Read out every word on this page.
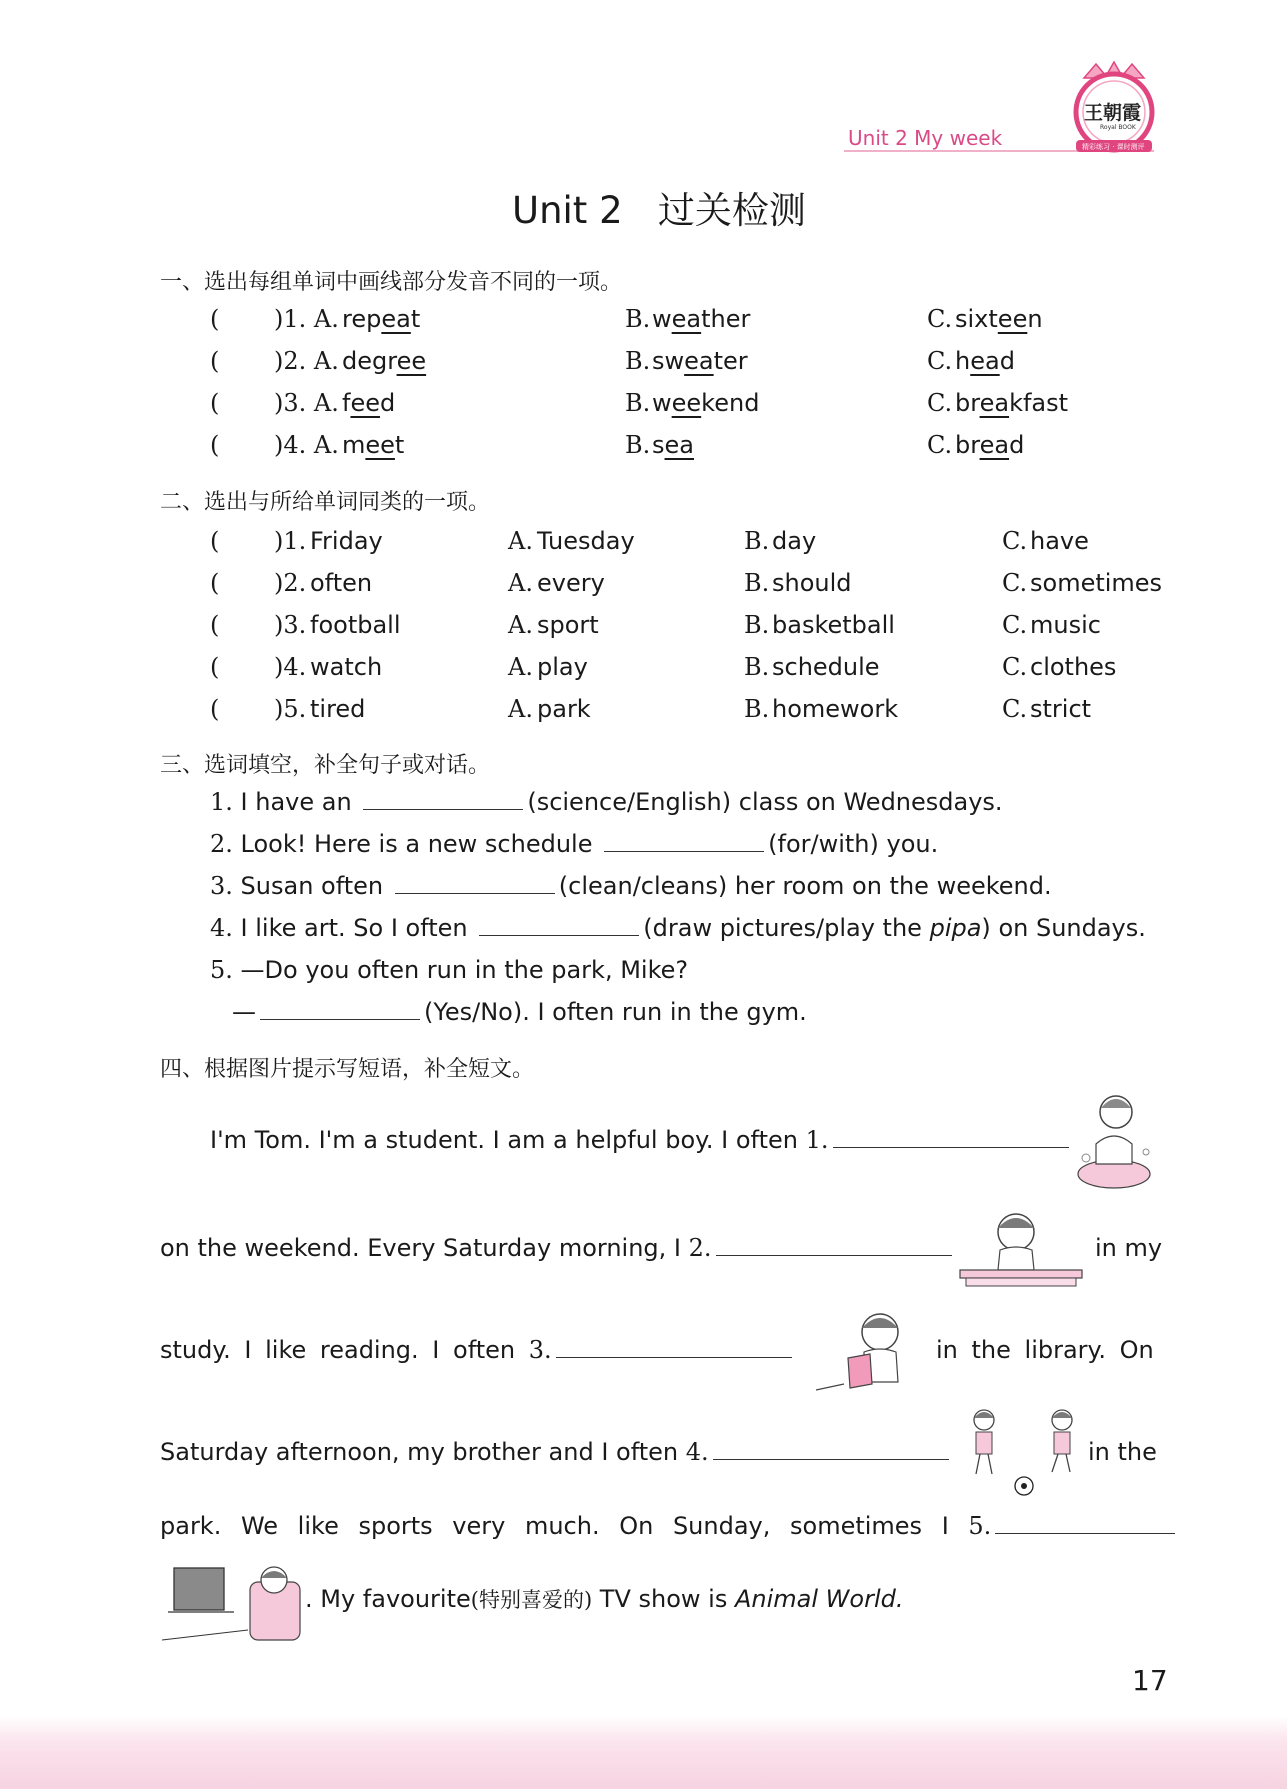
Unit 2 My week
王朝霞
Royal BOOK
精彩练习 · 课时测评
Unit 2   过关检测
一、选出每组单词中画线部分发音不同的一项。
( )1. A. repeat	B. weather	C. sixteen
( )2. A. degree	B. sweater	C. head
( )3. A. feed	B. weekend	C. breakfast
( )4. A. meet	B. sea	C. bread
二、选出与所给单词同类的一项。
( )1. Friday	A. Tuesday	B. day	C. have
( )2. often	A. every	B. should	C. sometimes
( )3. football	A. sport	B. basketball	C. music
( )4. watch	A. play	B. schedule	C. clothes
( )5. tired	A. park	B. homework	C. strict
三、选词填空，补全句子或对话。
1. I have an	(science/English) class on Wednesdays.
2. Look! Here is a new schedule	(for/with) you.
3. Susan often	(clean/cleans) her room on the weekend.
4. I like art. So I often	(draw pictures/play the pipa) on Sundays.
5. —Do you often run in the park, Mike?
—	(Yes/No). I often run in the gym.
四、根据图片提示写短语，补全短文。
I'm Tom. I'm a student. I am a helpful boy. I often 1.
on the weekend. Every Saturday morning, I 2.	in my
study. I like reading. I often 3.	in the library. On
Saturday afternoon, my brother and I often 4.	in the
park. We like sports very much. On Sunday, sometimes I 5.
. My favourite(特别喜爱的) TV show is Animal World.
17
